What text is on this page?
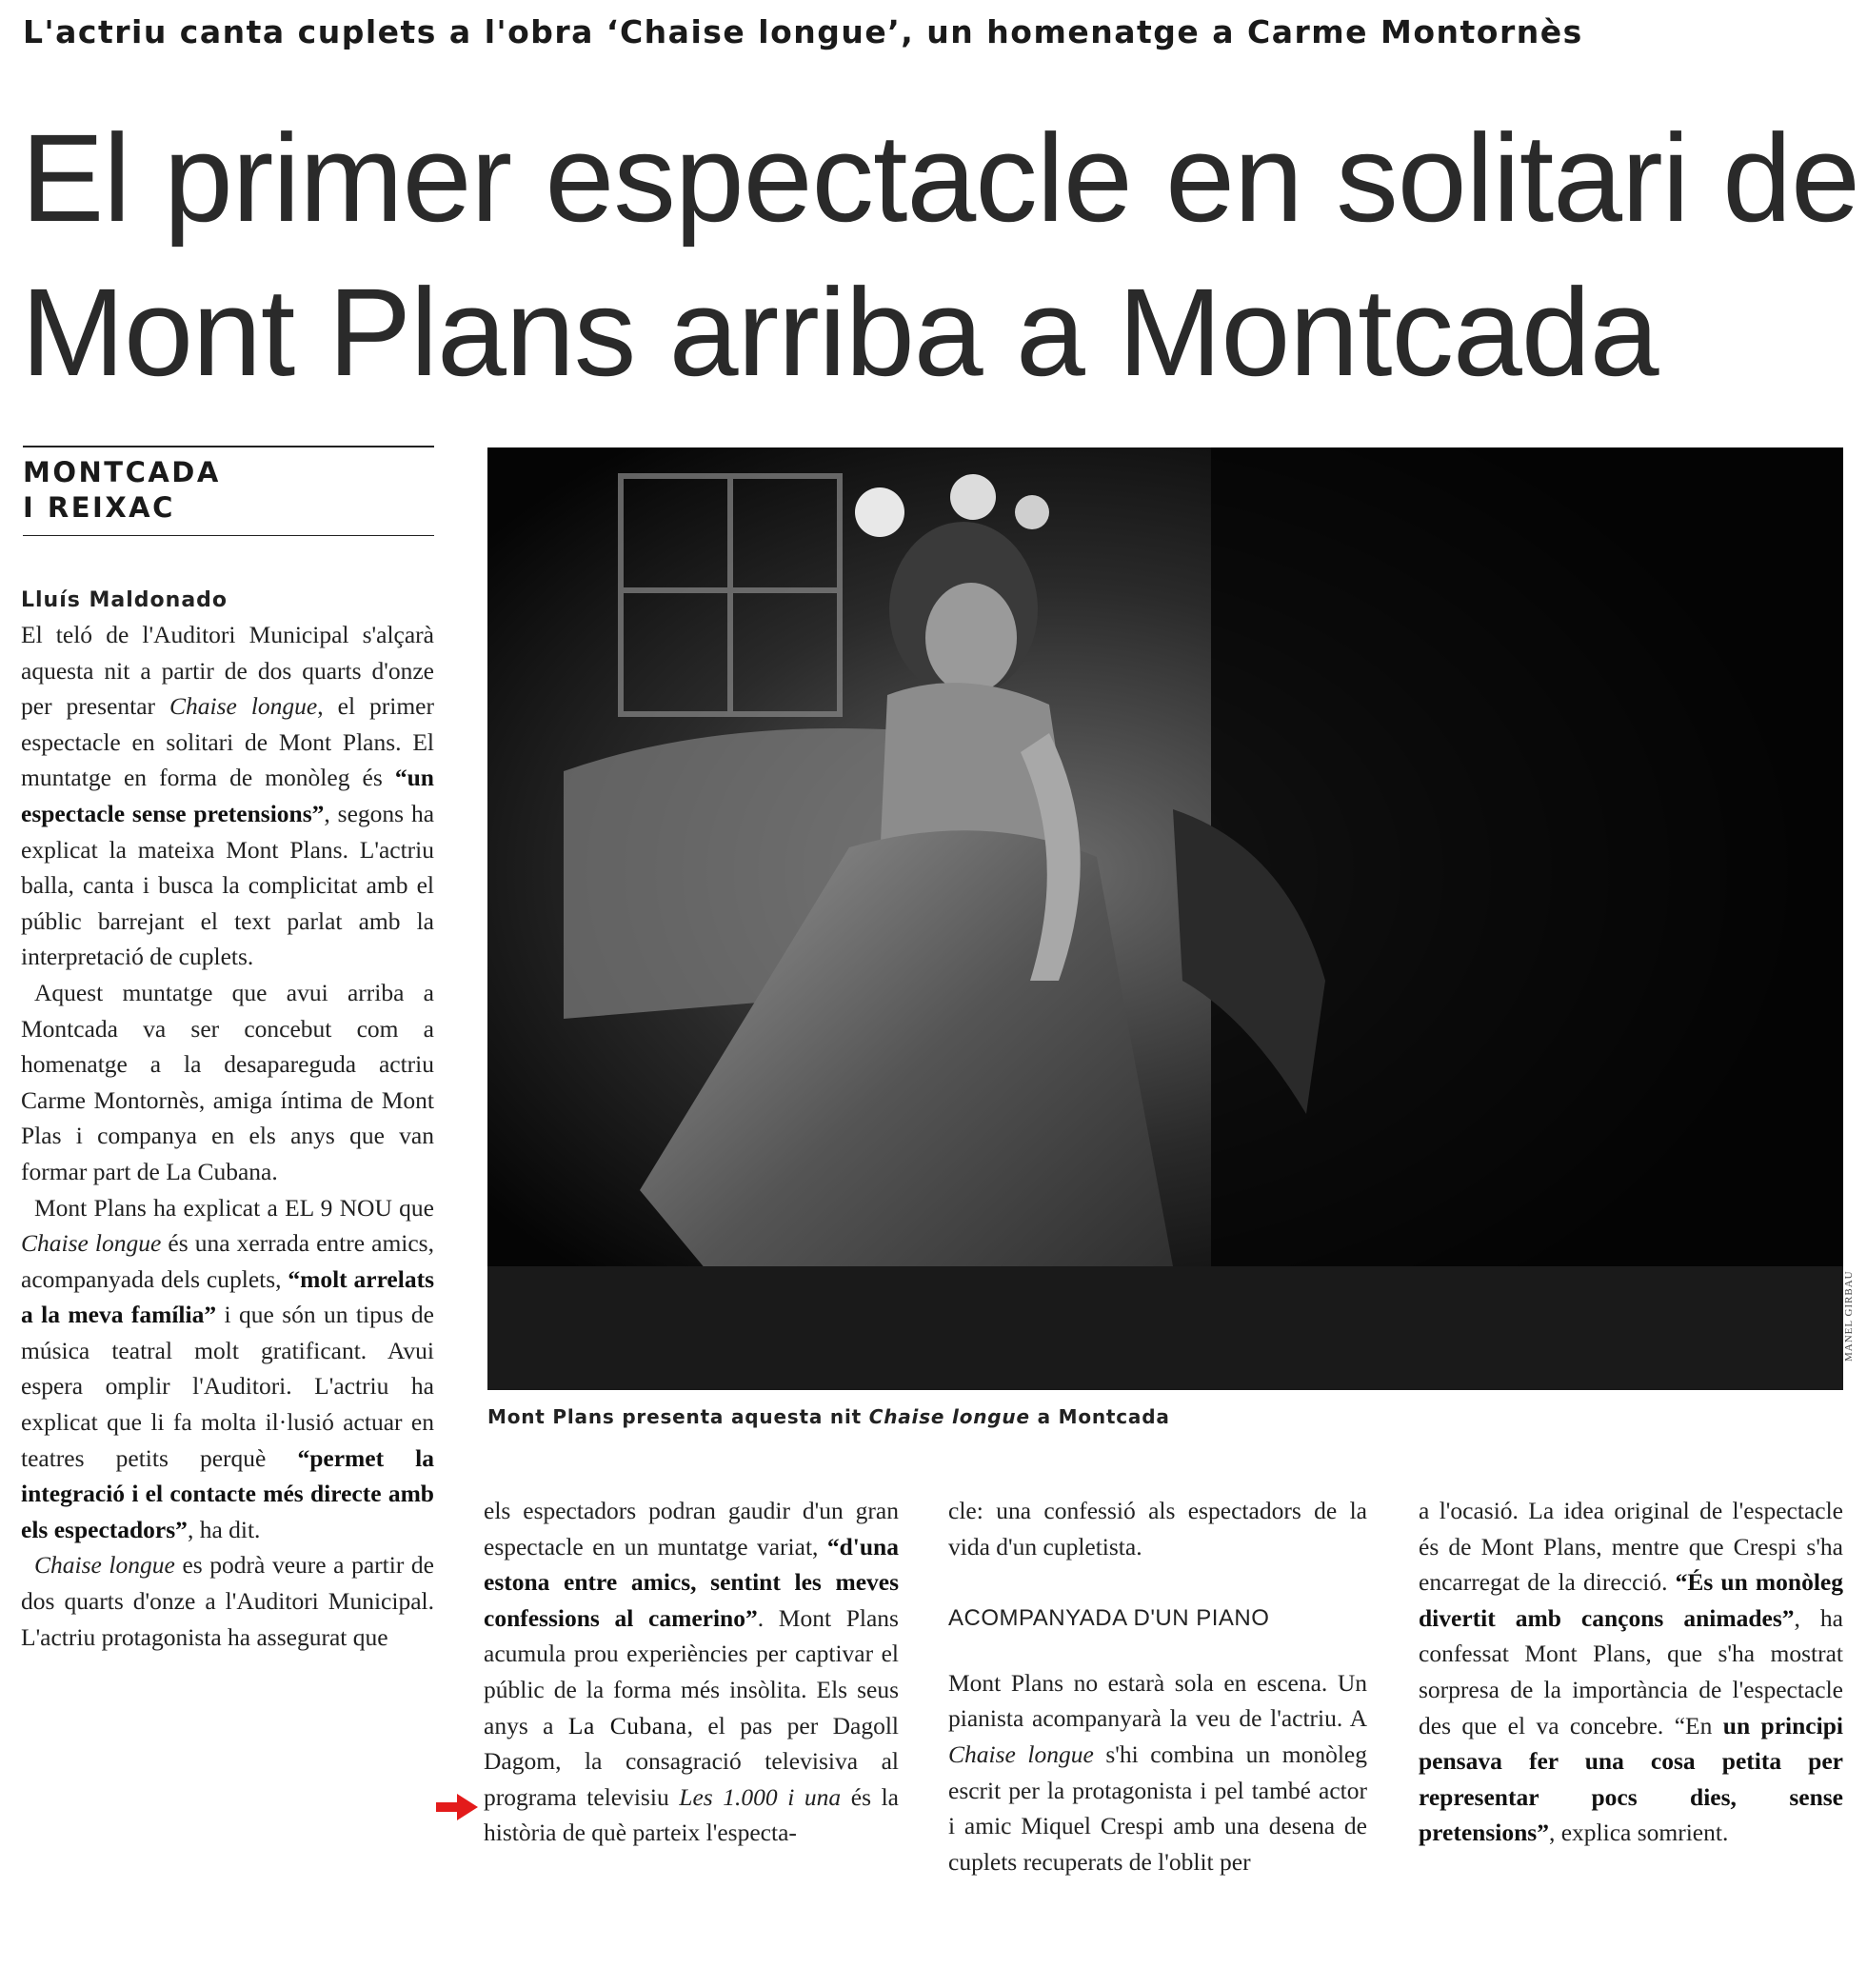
L'actriu canta cuplets a l'obra ‘Chaise longue’, un homenatge a Carme Montornès
El primer espectacle en solitari de
Mont Plans arriba a Montcada
MONTCADA
I REIXAC
Lluís Maldonado

El teló de l'Auditori Municipal s'alçarà aquesta nit a partir de dos quarts d'onze per presentar Chaise longue, el primer espectacle en solitari de Mont Plans. El muntatge en forma de monòleg és “un espectacle sense pretensions”, segons ha explicat la mateixa Mont Plans. L'actriu balla, canta i busca la complicitat amb el públic barrejant el text parlat amb la interpretació de cuplets.

Aquest muntatge que avui arriba a Montcada va ser concebut com a homenatge a la desapareguda actriu Carme Montornès, amiga íntima de Mont Plas i companya en els anys que van formar part de La Cubana.

Mont Plans ha explicat a EL 9 NOU que Chaise longue és una xerrada entre amics, acompanyada dels cuplets, “molt arrelats a la meva família” i que són un tipus de música teatral molt gratificant. Avui espera omplir l'Auditori. L'actriu ha explicat que li fa molta il·lusió actuar en teatres petits perquè “permet la integració i el contacte més directe amb els espectadors”, ha dit.

Chaise longue es podrà veure a partir de dos quarts d'onze a l'Auditori Municipal. L'actriu protagonista ha assegurat que

MANEL GIRBAU
Mont Plans presenta aquesta nit Chaise longue a Montcada

els espectadors podran gaudir d'un gran espectacle en un muntatge variat, “d'una estona entre amics, sentint les meves confessions al camerino”. Mont Plans acumula prou experiències per captivar el públic de la forma més insòlita. Els seus anys a La Cubana, el pas per Dagoll Dagom, la consagració televisiva al programa televisiu Les 1.000 i una és la història de què parteix l'especta-

cle: una confessió als espectadors de la vida d'un cupletista.

ACOMPANYADA D'UN PIANO

Mont Plans no estarà sola en escena. Un pianista acompanyarà la veu de l'actriu. A Chaise longue s'hi combina un monòleg escrit per la protagonista i pel també actor i amic Miquel Crespi amb una desena de cuplets recuperats de l'oblit per

a l'ocasió. La idea original de l'espectacle és de Mont Plans, mentre que Crespi s'ha encarregat de la direcció. “És un monòleg divertit amb cançons animades”, ha confessat Mont Plans, que s'ha mostrat sorpresa de la importància de l'espectacle des que el va concebre. “En un principi pensava fer una cosa petita per representar pocs dies, sense pretensions”, explica somrient.
